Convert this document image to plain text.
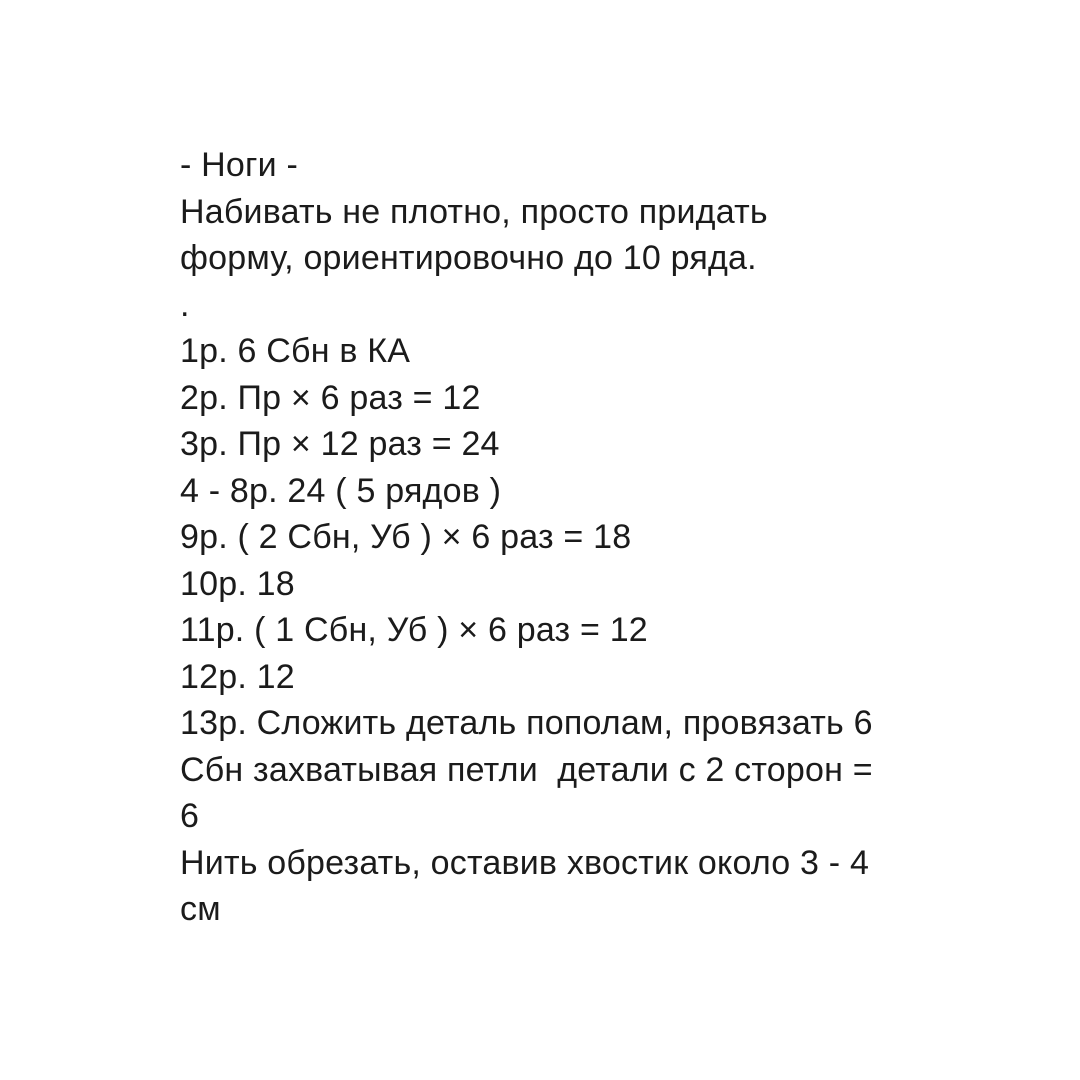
- Ноги -
Набивать не плотно, просто придать
форму, ориентировочно до 10 ряда.
.
1р. 6 Сбн в КА
2р. Пр × 6 раз = 12
3р. Пр × 12 раз = 24
4 - 8р. 24 ( 5 рядов )
9р. ( 2 Сбн, Уб ) × 6 раз = 18
10р. 18
11р. ( 1 Сбн, Уб ) × 6 раз = 12
12р. 12
13р. Сложить деталь пополам, провязать 6
Сбн захватывая петли  детали с 2 сторон =
6
Нить обрезать, оставив хвостик около 3 - 4
см
